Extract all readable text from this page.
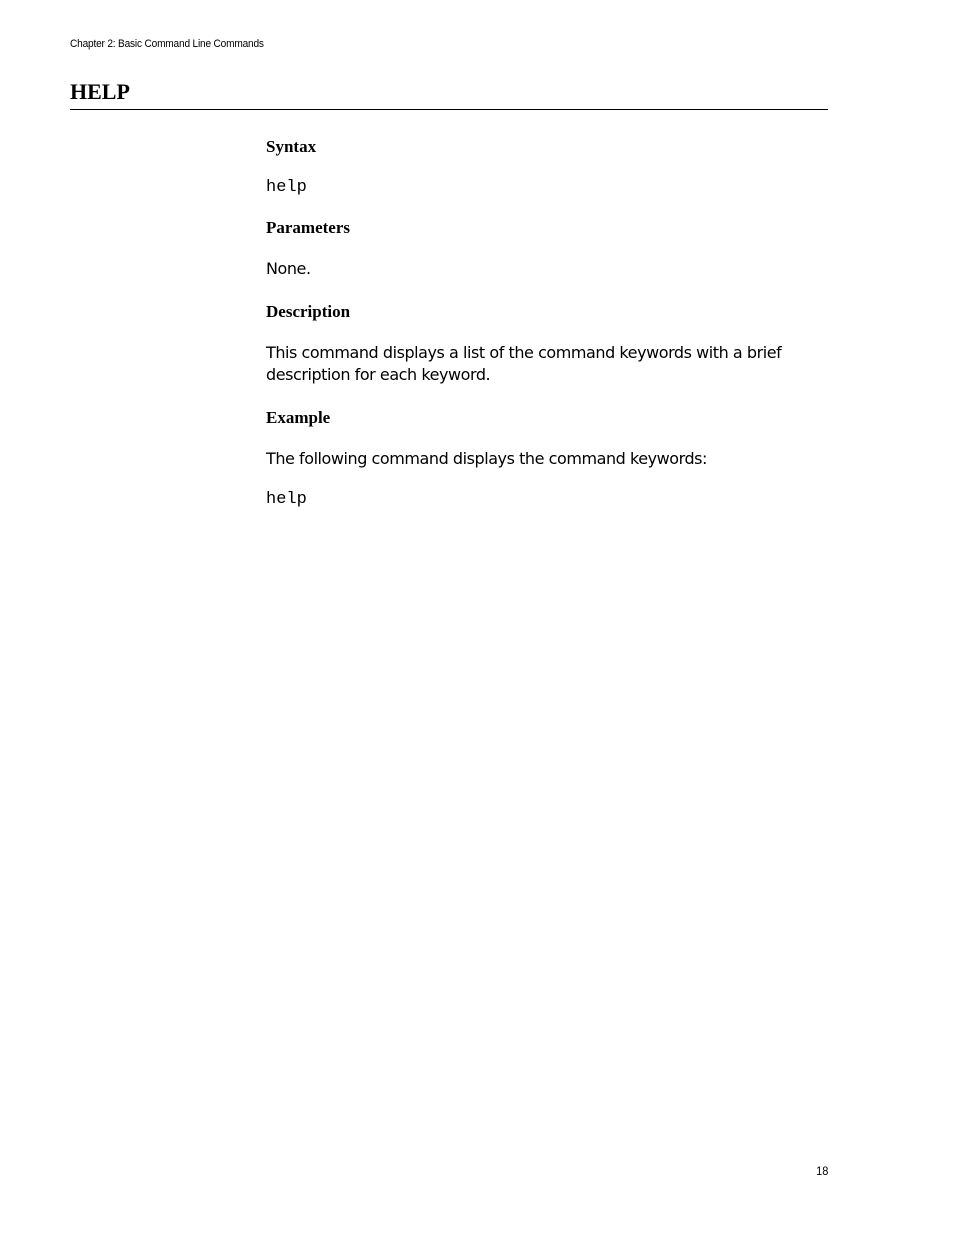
Chapter 2: Basic Command Line Commands
HELP
Syntax
help
Parameters

None.

Description

This command displays a list of the command keywords with a brief description for each keyword.

Example

The following command displays the command keywords:

help
18
